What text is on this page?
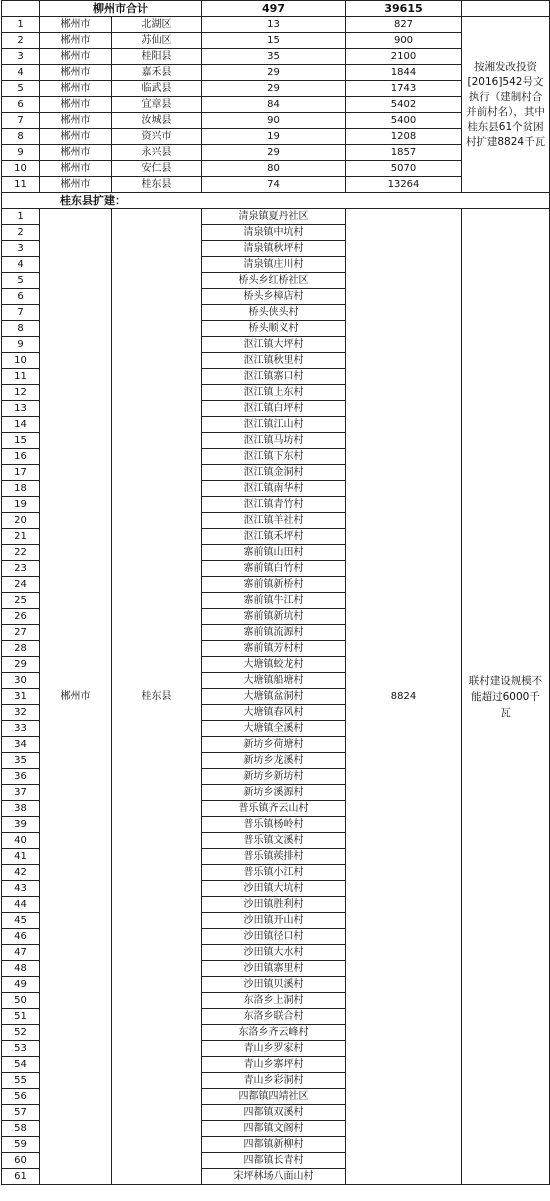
	柳州市合计		497	39615	
1	郴州市	北湖区	13	827	按湘发改投资[2016]542号文执行（建制村合并前村名），其中桂东县61个贫困村扩建8824千瓦
2	郴州市	苏仙区	15	900	
3	郴州市	桂阳县	35	2100	
4	郴州市	嘉禾县	29	1844	
5	郴州市	临武县	29	1743	
6	郴州市	宜章县	84	5402	
7	郴州市	汝城县	90	5400	
8	郴州市	资兴市	19	1208	
9	郴州市	永兴县	29	1857	
10	郴州市	安仁县	80	5070	
11	郴州市	桂东县	74	13264	
桂东县扩建：					
1	郴州市	桂东县	清泉镇夏丹社区	8824	联村建设规模不能超过6000千瓦
2			清泉镇中坑村		
3			清泉镇秋坪村		
4			清泉镇庄川村		
5			桥头乡红桥社区		
6			桥头乡樟店村		
7			桥头侠头村		
8			桥头顺义村		
9			沤江镇大坪村		
10			沤江镇秋里村		
11			沤江镇寨口村		
12			沤江镇上东村		
13			沤江镇白坪村		
14			沤江镇江山村		
15			沤江镇马坊村		
16			沤江镇下东村		
17			沤江镇金洞村		
18			沤江镇南华村		
19			沤江镇青竹村		
20			沤江镇羊社村		
21			沤江镇禾坪村		
22			寨前镇山田村		
23			寨前镇白竹村		
24			寨前镇新桥村		
25			寨前镇牛江村		
26			寨前镇新坑村		
27			寨前镇流源村		
28			寨前镇芳村村		
29			大塘镇蛟龙村		
30			大塘镇船塘村		
31			大塘镇盆洞村		
32			大塘镇春风村		
33			大塘镇全溪村		
34			新坊乡荷塘村		
35			新坊乡龙溪村		
36			新坊乡新坊村		
37			新坊乡溪源村		
38			普乐镇齐云山村		
39			普乐镇杨岭村		
40			普乐镇文溪村		
41			普乐镇蒺排村		
42			普乐镇小江村		
43			沙田镇大坑村		
44			沙田镇胜利村		
45			沙田镇开山村		
46			沙田镇径口村		
47			沙田镇大水村		
48			沙田镇寨里村		
49			沙田镇贝溪村		
50			东洛乡上洞村		
51			东洛乡联合村		
52			东洛乡齐云峰村		
53			青山乡罗家村		
54			青山乡寨坪村		
55			青山乡彩洞村		
56			四都镇四靖社区		
57			四都镇双溪村		
58			四都镇文阁村		
59			四都镇新柳村		
60			四都镇长青村		
61			宋坪林场八面山村		
